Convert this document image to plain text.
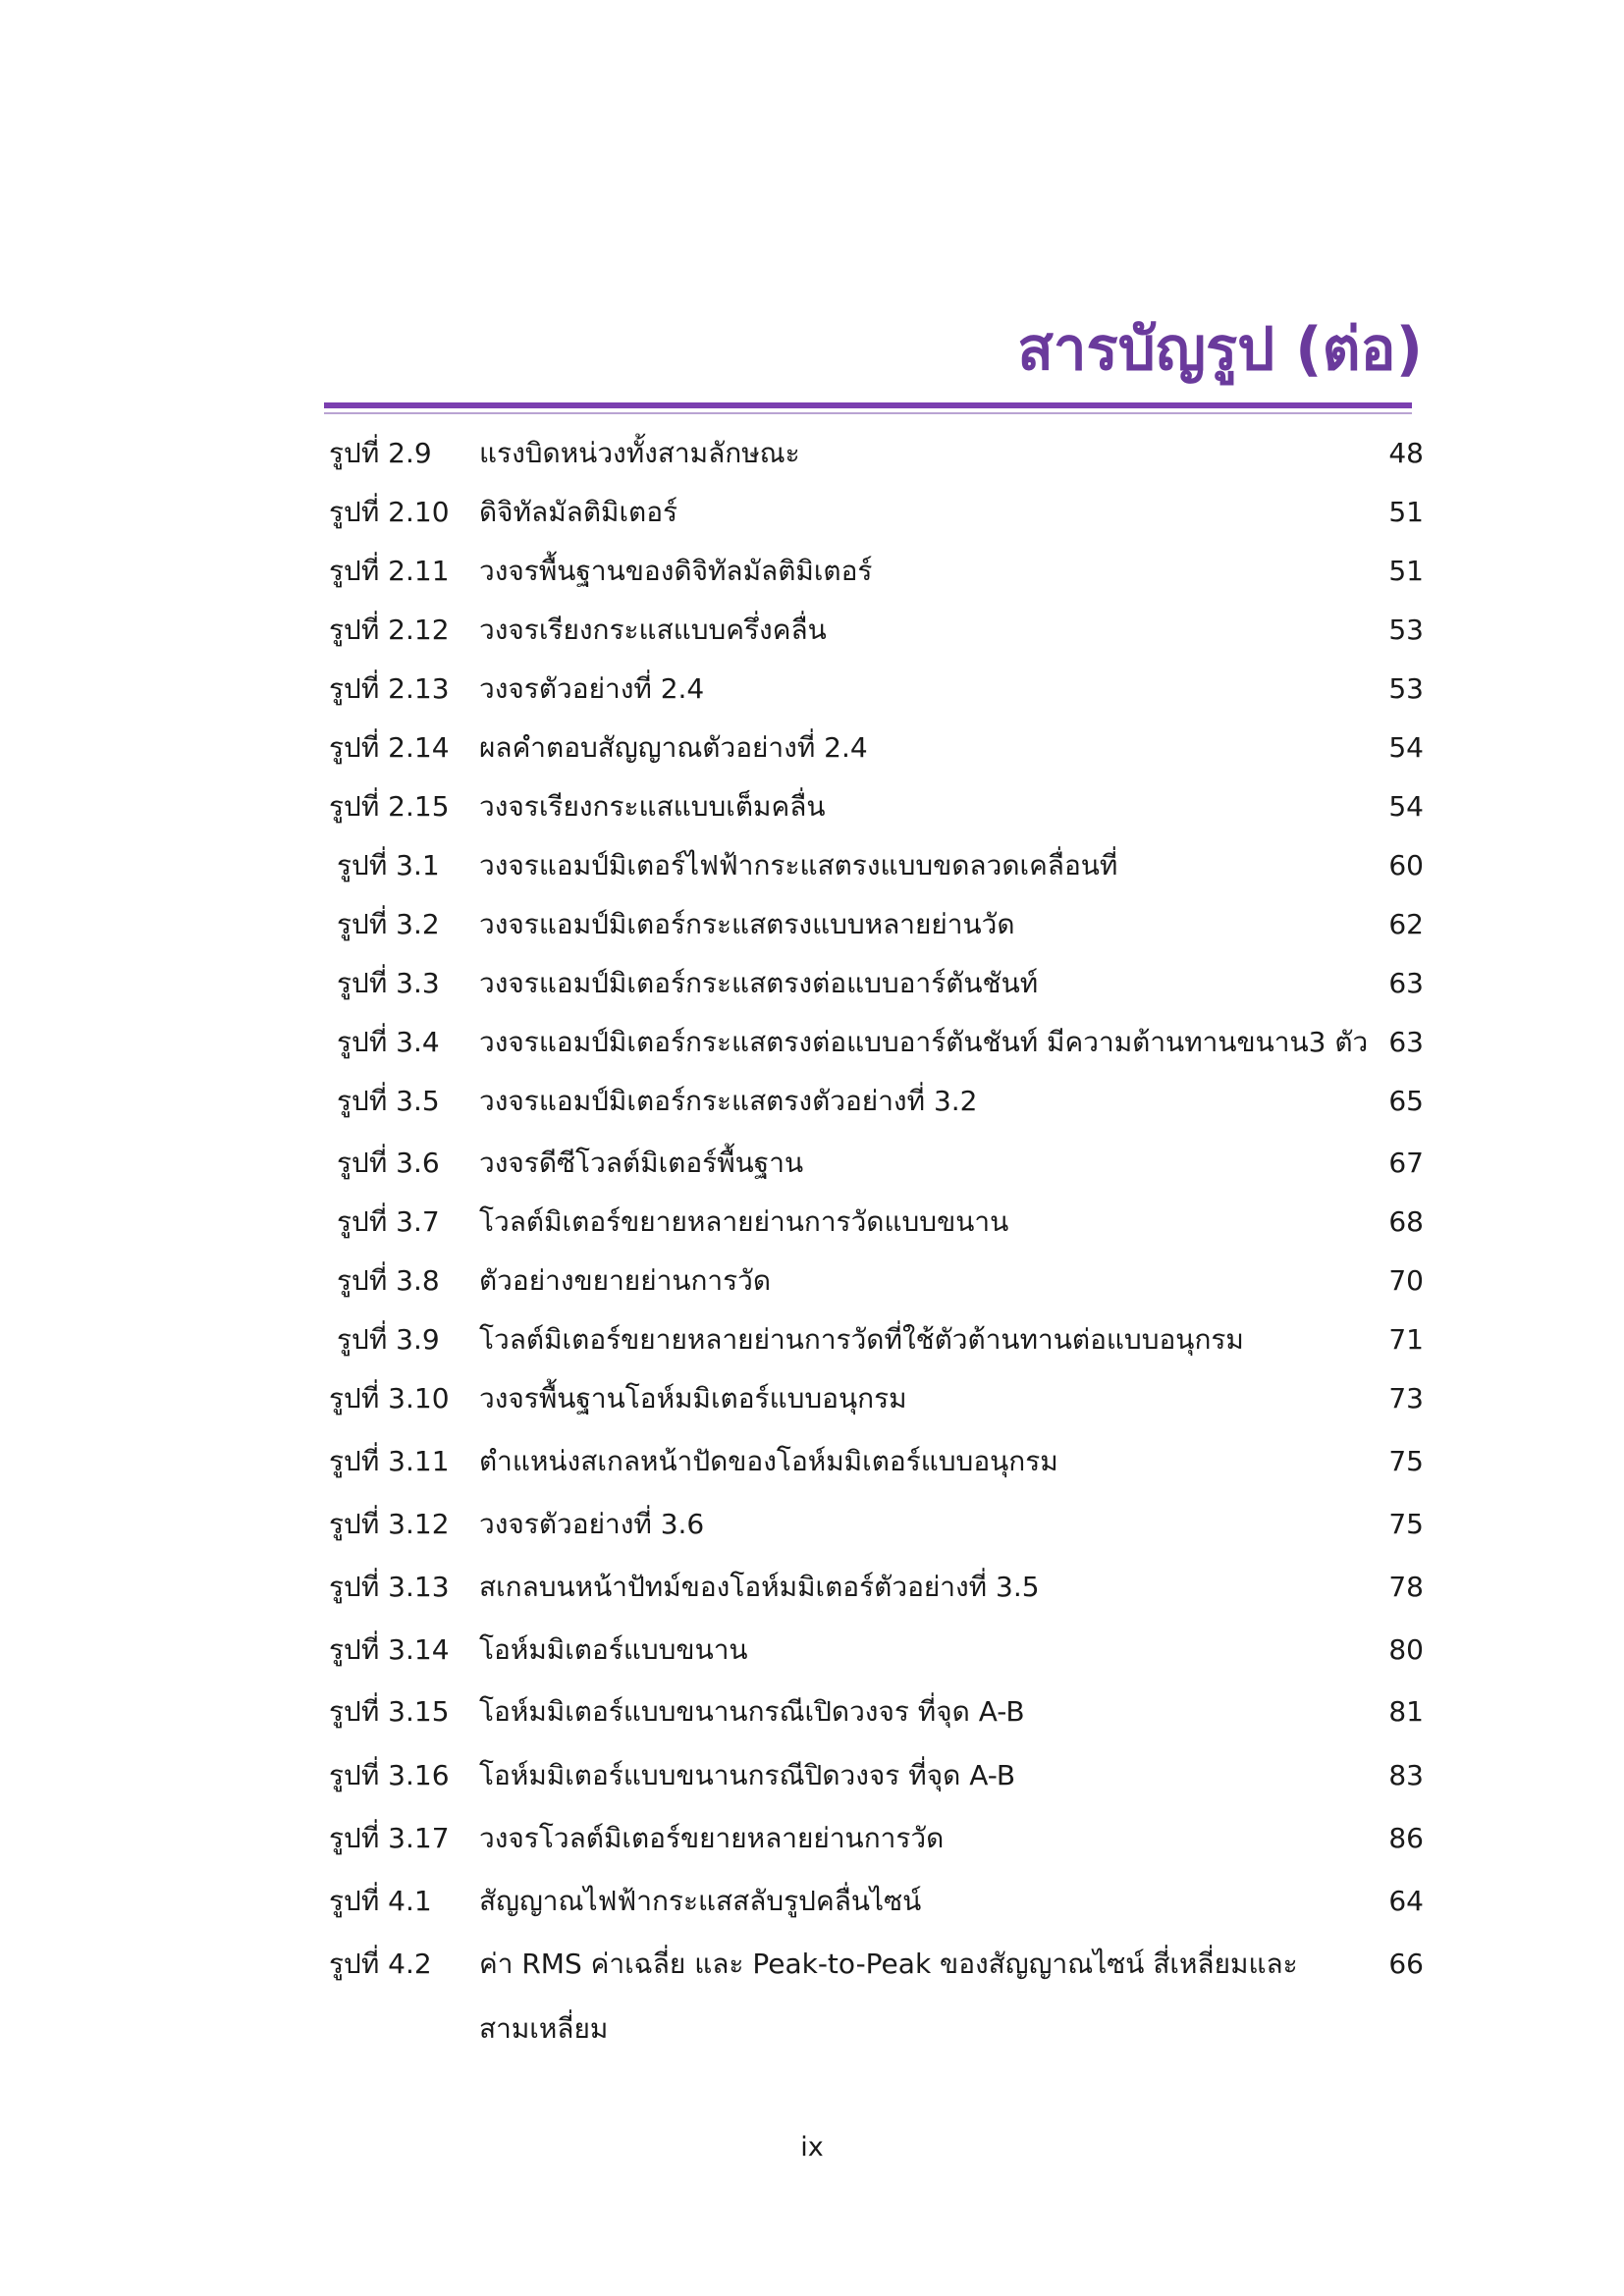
สารบัญรูป (ต่อ)
รูปที่ 2.9 แรงบิดหน่วงทั้งสามลักษณะ	48
รูปที่ 2.10 ดิจิทัลมัลติมิเตอร์	51
รูปที่ 2.11 วงจรพื้นฐานของดิจิทัลมัลติมิเตอร์	51
รูปที่ 2.12 วงจรเรียงกระแสแบบครึ่งคลื่น	53
รูปที่ 2.13 วงจรตัวอย่างที่ 2.4	53
รูปที่ 2.14 ผลคำตอบสัญญาณตัวอย่างที่ 2.4	54
รูปที่ 2.15 วงจรเรียงกระแสแบบเต็มคลื่น	54
รูปที่ 3.1 วงจรแอมป์มิเตอร์ไฟฟ้ากระแสตรงแบบขดลวดเคลื่อนที่	60
รูปที่ 3.2 วงจรแอมป์มิเตอร์กระแสตรงแบบหลายย่านวัด	62
รูปที่ 3.3 วงจรแอมป์มิเตอร์กระแสตรงต่อแบบอาร์ตันชันท์	63
รูปที่ 3.4 วงจรแอมป์มิเตอร์กระแสตรงต่อแบบอาร์ตันชันท์ มีความต้านทานขนาน3 ตัว 63
รูปที่ 3.5 วงจรแอมป์มิเตอร์กระแสตรงตัวอย่างที่ 3.2	65
รูปที่ 3.6 วงจรดีซีโวลต์มิเตอร์พื้นฐาน	67
รูปที่ 3.7 โวลต์มิเตอร์ขยายหลายย่านการวัดแบบขนาน	68
รูปที่ 3.8 ตัวอย่างขยายย่านการวัด	70
รูปที่ 3.9 โวลต์มิเตอร์ขยายหลายย่านการวัดที่ใช้ตัวต้านทานต่อแบบอนุกรม	71
รูปที่ 3.10 วงจรพื้นฐานโอห์มมิเตอร์แบบอนุกรม	73
รูปที่ 3.11 ตำแหน่งสเกลหน้าปัดของโอห์มมิเตอร์แบบอนุกรม	75
รูปที่ 3.12 วงจรตัวอย่างที่ 3.6	75
รูปที่ 3.13 สเกลบนหน้าปัทม์ของโอห์มมิเตอร์ตัวอย่างที่ 3.5	78
รูปที่ 3.14 โอห์มมิเตอร์แบบขนาน	80
รูปที่ 3.15 โอห์มมิเตอร์แบบขนานกรณีเปิดวงจร ที่จุด A-B	81
รูปที่ 3.16 โอห์มมิเตอร์แบบขนานกรณีปิดวงจร ที่จุด A-B	83
รูปที่ 3.17 วงจรโวลต์มิเตอร์ขยายหลายย่านการวัด	86
รูปที่ 4.1 สัญญาณไฟฟ้ากระแสสลับรูปคลื่นไซน์	64
รูปที่ 4.2 ค่า RMS ค่าเฉลี่ย และ Peak-to-Peak ของสัญญาณไซน์ สี่เหลี่ยมและ
สามเหลี่ยม
66
ix
